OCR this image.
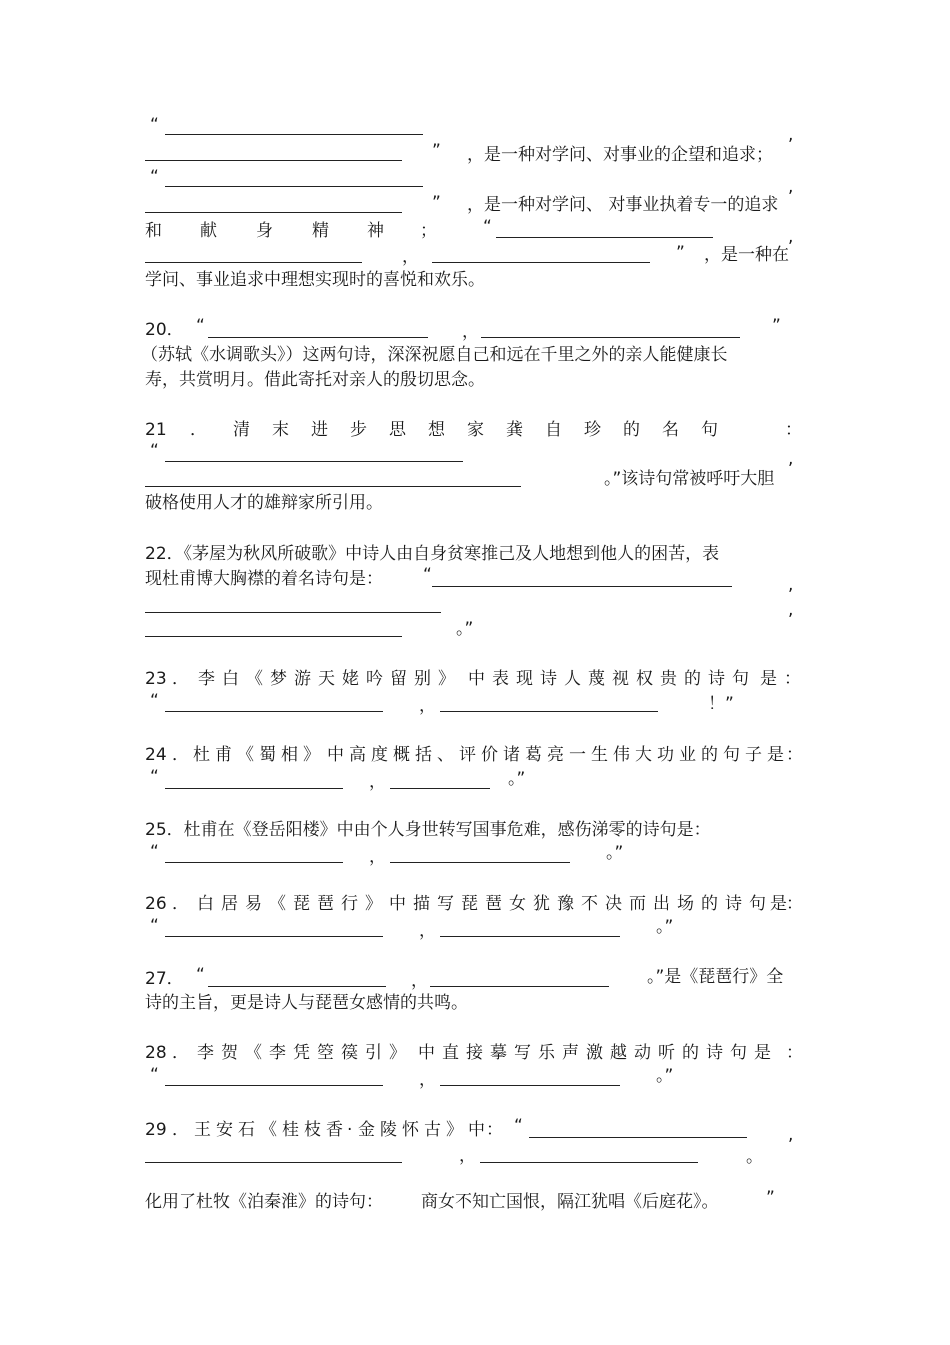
“	,
” ，是一种对学问、对事业的企望和追求；
“	,
” ，是一种对学问、 对事业执着专一的追求
和 献 身 精 神 ；	“	,
，	” ，是一种在
学问、事业追求中理想实现时的喜悦和欢乐。
20． “	，	”
（苏轼《水调歌头》）这两句诗，深深祝愿自己和远在千里之外的亲人能健康长
寿，共赏明月。借此寄托对亲人的殷切思念。
21 ． 清 末 进 步 思 想 家 龚 自 珍 的 名 句	：
“	,
。”该诗句常被呼吁大胆
破格使用人才的雄辩家所引用。
22．《茅屋为秋风所破歌》中诗人由自身贫寒推己及人地想到他人的困苦，表
现杜甫博大胸襟的着名诗句是： “	,
,
。”
23 ． 李 白 《 梦 游 天 姥 吟 留 别 》 中 表 现 诗 人 蔑 视 权 贵 的 诗 句 是 ：
“	，	！”
24 ． 杜 甫 《 蜀 相 》 中 高 度 概 括 、 评 价 诸 葛 亮 一 生 伟 大 功 业 的 句 子 是 ：
“	，	。”
25．杜甫在《登岳阳楼》中由个人身世转写国事危难，感伤涕零的诗句是：
“	，	。”
26 ． 白 居 易 《 琵 琶 行 》 中 描 写 琵 琶 女 犹 豫 不 决 而 出 场 的 诗 句 是 ：
“	，	。”
27． “	，	。”是《琵琶行》全
诗的主旨，更是诗人与琵琶女感情的共鸣。
28 ． 李 贺 《 李 凭 箜 篌 引 》 中 直 接 摹 写 乐 声 激 越 动 听 的 诗 句 是 ：
“	，	。”
29 ． 王 安 石 《 桂 枝 香 · 金 陵 怀 古 》 中 ： “	,
，	。
化用了杜牧《泊秦淮》的诗句： 商女不知亡国恨，隔江犹唱《后庭花》。	”
